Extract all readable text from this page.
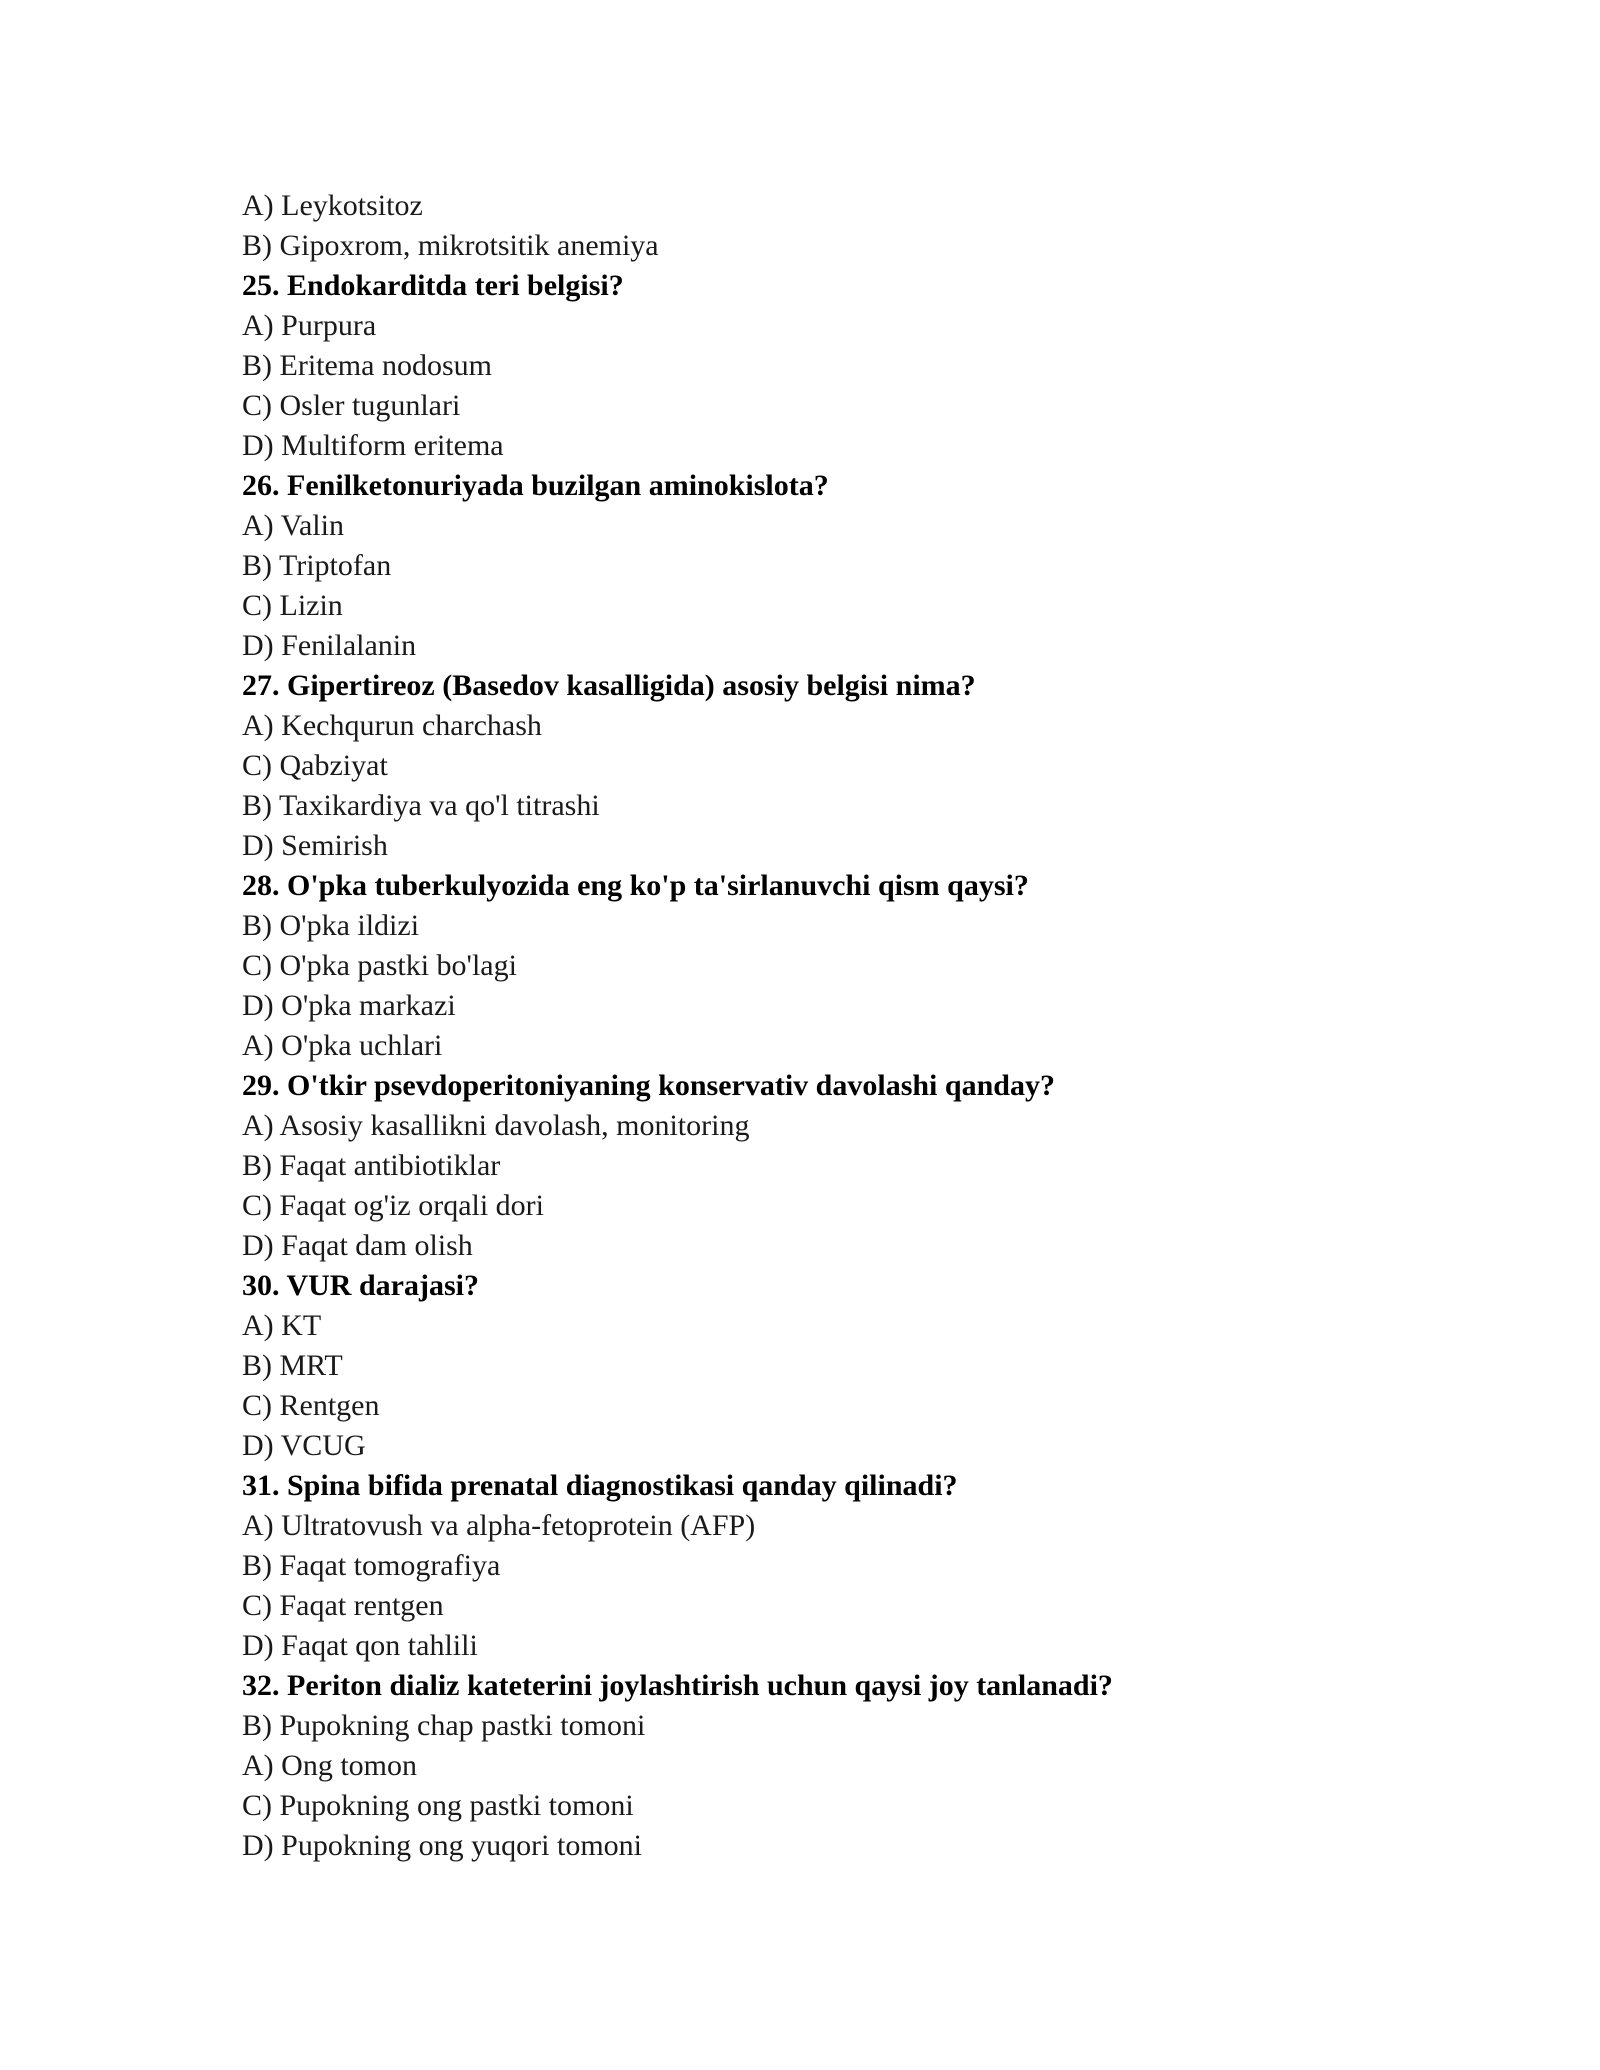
A) Leykotsitoz
B) Gipoxrom, mikrotsitik anemiya
25. Endokarditda teri belgisi?
A) Purpura
B) Eritema nodosum
C) Osler tugunlari
D) Multiform eritema
26. Fenilketonuriyada buzilgan aminokislota?
A) Valin
B) Triptofan
C) Lizin
D) Fenilalanin
27. Gipertireoz (Basedov kasalligida) asosiy belgisi nima?
A) Kechqurun charchash
C) Qabziyat
B) Taxikardiya va qo'l titrashi
D) Semirish
28. O'pka tuberkulyozida eng ko'p ta'sirlanuvchi qism qaysi?
B) O'pka ildizi
C) O'pka pastki bo'lagi
D) O'pka markazi
A) O'pka uchlari
29. O'tkir psevdoperitoniyaning konservativ davolashi qanday?
A) Asosiy kasallikni davolash, monitoring
B) Faqat antibiotiklar
C) Faqat og'iz orqali dori
D) Faqat dam olish
30. VUR darajasi?
A) KT
B) MRT
C) Rentgen
D) VCUG
31. Spina bifida prenatal diagnostikasi qanday qilinadi?
A) Ultratovush va alpha-fetoprotein (AFP)
B) Faqat tomografiya
C) Faqat rentgen
D) Faqat qon tahlili
32. Periton dializ kateterini joylashtirish uchun qaysi joy tanlanadi?
B) Pupokning chap pastki tomoni
A) Ong tomon
C) Pupokning ong pastki tomoni
D) Pupokning ong yuqori tomoni
